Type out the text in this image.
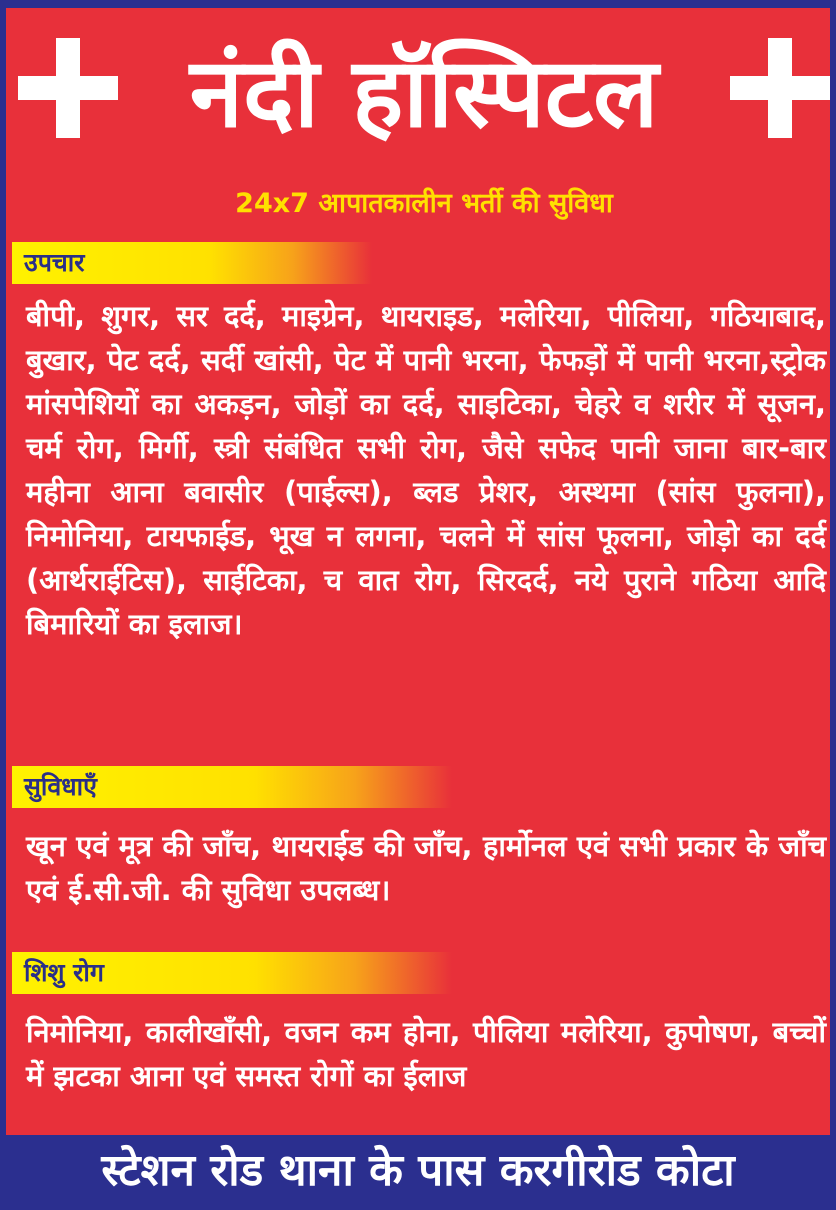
नंदी हॉस्पिटल
24x7 आपातकालीन भर्ती की सुविधा
उपचार
बीपी, शुगर, सर दर्द, माइग्रेन, थायराइड, मलेरिया, पीलिया, गठियाबाद, बुखार, पेट दर्द, सर्दी खांसी, पेट में पानी भरना, फेफड़ों में पानी भरना,स्ट्रोक मांसपेशियों का अकड़न, जोड़ों का दर्द, साइटिका, चेहरे व शरीर में सूजन, चर्म रोग, मिर्गी, स्त्री संबंधित सभी रोग, जैसे सफेद पानी जाना बार-बार महीना आना बवासीर (पाईल्स), ब्लड प्रेशर, अस्थमा (सांस फुलना), निमोनिया, टायफाईड, भूख न लगना, चलने में सांस फूलना, जोड़ो का दर्द (आर्थराईटिस), साईटिका, च वात रोग, सिरदर्द, नये पुराने गठिया आदि बिमारियों का इलाज।
सुविधाएँ
खून एवं मूत्र की जाँच, थायराईड की जाँच, हार्मोनल एवं सभी प्रकार के जाँच एवं ई.सी.जी. की सुविधा उपलब्ध।
शिशु रोग
निमोनिया, कालीखाँसी, वजन कम होना, पीलिया मलेरिया, कुपोषण, बच्चों में झटका आना एवं समस्त रोगों का ईलाज
स्टेशन रोड थाना के पास करगीरोड कोटा
